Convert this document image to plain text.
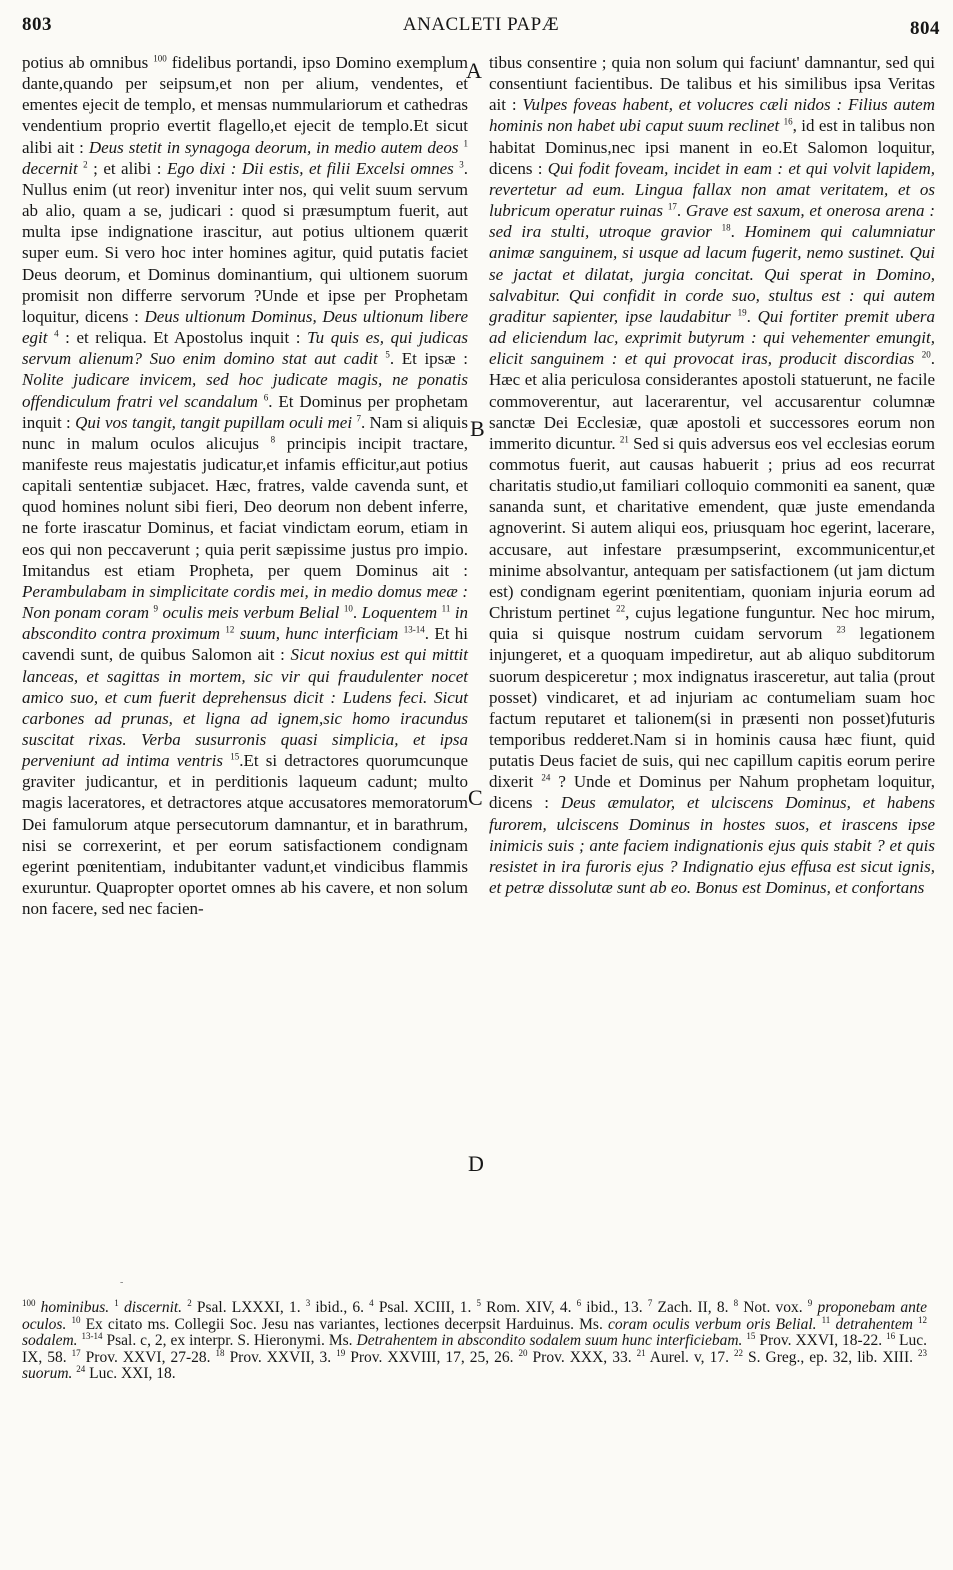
803	ANACLETI PAPÆ	804

potius ab omnibus $^{100}$ fidelibus portandi, ipso Domino exemplum dante,quando per seipsum,et non per alium, vendentes, et ementes ejecit de templo, et mensas nummulariorum et cathedras vendentium proprio evertit flagello,et ejecit de templo.Et sicut alibi ait : Deus stetit in synagoga deorum, in medio autem deos $^1$ decernit $^2$ ; et alibi : Ego dixi : Dii estis, et filii Excelsi omnes $^3$. Nullus enim (ut reor) invenitur inter nos, qui velit suum servum ab alio, quam a se, judicari : quod si præsumptum fuerit, aut multa ipse indignatione irascitur, aut potius ultionem quærit super eum. Si vero hoc inter homines agitur, quid putatis faciet Deus deorum, et Dominus dominantium, qui ultionem suorum promisit non differre servorum ?Unde et ipse per Prophetam loquitur, dicens : Deus ultionum Dominus, Deus ultionum libere egit $^4$ : et reliqua. Et Apostolus inquit : Tu quis es, qui judicas servum alienum? Suo enim domino stat aut cadit $^5$. Et ipsæ : Nolite judicare invicem, sed hoc judicate magis, ne ponatis offendiculum fratri vel scandalum $^6$. Et Dominus per prophetam inquit : Qui vos tangit, tangit pupillam oculi mei $^7$. Nam si aliquis nunc in malum oculos alicujus $^8$ principis incipit tractare, manifeste reus majestatis judicatur,et infamis efficitur,aut potius capitali sententiæ subjacet. Hæc, fratres, valde cavenda sunt, et quod homines nolunt sibi fieri, Deo deorum non debent inferre, ne forte irascatur Dominus, et faciat vindictam eorum, etiam in eos qui non peccaverunt ; quia perit sæpissime justus pro impio. Imitandus est etiam Propheta, per quem Dominus ait : Perambulabam in simplicitate cordis mei, in medio domus meæ : Non ponam coram $^9$ oculis meis verbum Belial $^{10}$. Loquentem $^{11}$ in abscondito contra proximum $^{12}$ suum, hunc interficiam $^{13-14}$. Et hi cavendi sunt, de quibus Salomon ait : Sicut noxius est qui mittit lanceas, et sagittas in mortem, sic vir qui fraudulenter nocet amico suo, et cum fuerit deprehensus dicit : Ludens feci. Sicut carbones ad prunas, et ligna ad ignem,sic homo iracundus suscitat rixas. Verba susurronis quasi simplicia, et ipsa perveniunt ad intima ventris $^{15}$.Et si detractores quorumcunque graviter judicantur, et in perditionis laqueum cadunt; multo magis laceratores, et detractores atque accusatores memoratorum Dei famulorum atque persecutorum damnantur, et in barathrum, nisi se correxerint, et per eorum satisfactionem condignam egerint pœnitentiam, indubitanter vadunt,et vindicibus flammis exuruntur. Quapropter oportet omnes ab his cavere, et non solum non facere, sed nec facien-

tibus consentire ; quia non solum qui faciunt' damnantur, sed qui consentiunt facientibus. De talibus et his similibus ipsa Veritas ait : Vulpes foveas habent, et volucres cæli nidos : Filius autem hominis non habet ubi caput suum reclinet $^{16}$, id est in talibus non habitat Dominus,nec ipsi manent in eo.Et Salomon loquitur, dicens : Qui fodit foveam, incidet in eam : et qui volvit lapidem, revertetur ad eum. Lingua fallax non amat veritatem, et os lubricum operatur ruinas $^{17}$. Grave est saxum, et onerosa arena : sed ira stulti, utroque gravior $^{18}$. Hominem qui calumniatur animæ sanguinem, si usque ad lacum fugerit, nemo sustinet. Qui se jactat et dilatat, jurgia concitat. Qui sperat in Domino, salvabitur. Qui confidit in corde suo, stultus est : qui autem graditur sapienter, ipse laudabitur $^{19}$. Qui fortiter premit ubera ad eliciendum lac, exprimit butyrum : qui vehementer emungit, elicit sanguinem : et qui provocat iras, producit discordias $^{20}$. Hæc et alia periculosa considerantes apostoli statuerunt, ne facile commoverentur, aut lacerarentur, vel accusarentur columnæ sanctæ Dei Ecclesiæ, quæ apostoli et successores eorum non immerito dicuntur. $^{21}$ Sed si quis adversus eos vel ecclesias eorum commotus fuerit, aut causas habuerit ; prius ad eos recurrat charitatis studio,ut familiari colloquio commoniti ea sanent, quæ sananda sunt, et charitative emendent, quæ juste emendanda agnoverint. Si autem aliqui eos, priusquam hoc egerint, lacerare, accusare, aut infestare præsumpserint, excommunicentur,et minime absolvantur, antequam per satisfactionem (ut jam dictum est) condignam egerint pœnitentiam, quoniam injuria eorum ad Christum pertinet $^{22}$, cujus legatione funguntur. Nec hoc mirum, quia si quisque nostrum cuidam servorum $^{23}$ legationem injungeret, et a quoquam impediretur, aut ab aliquo subditorum suorum despiceretur ; mox indignatus irasceretur, aut talia (prout posset) vindicaret, et ad injuriam ac contumeliam suam hoc factum reputaret et talionem(si in præsenti non posset)futuris temporibus redderet.Nam si in hominis causa hæc fiunt, quid putatis Deus faciet de suis, qui nec capillum capitis eorum perire dixerit $^{24}$ ? Unde et Dominus per Nahum prophetam loquitur, dicens : Deus æmulator, et ulciscens Dominus, et habens furorem, ulciscens Dominus in hostes suos, et irascens ipse inimicis suis ; ante faciem indignationis ejus quis stabit ? et quis resistet in ira furoris ejus ? Indignatio ejus effusa est sicut ignis, et petræ dissolutæ sunt ab eo. Bonus est Dominus, et confortans

A
B
C
D
-

$^{100}$ hominibus. $^1$ discernit. $^2$ Psal. LXXXI, 1. $^3$ ibid., 6. $^4$ Psal. XCIII, 1. $^5$ Rom. XIV, 4. $^6$ ibid., 13. $^7$ Zach. II, 8. $^8$ Not. vox. $^9$ proponebam ante oculos. $^{10}$ Ex citato ms. Collegii Soc. Jesu nas variantes, lectiones decerpsit Harduinus. Ms. coram oculis verbum oris Belial. $^{11}$ detrahentem $^{12}$ sodalem. $^{13-14}$ Psal. c, 2, ex interpr. S. Hieronymi. Ms. Detrahentem in abscondito sodalem suum hunc interficiebam. $^{15}$ Prov. XXVI, 18-22. $^{16}$ Luc. IX, 58. $^{17}$ Prov. XXVI, 27-28. $^{18}$ Prov. XXVII, 3. $^{19}$ Prov. XXVIII, 17, 25, 26. $^{20}$ Prov. XXX, 33. $^{21}$ Aurel. v, 17. $^{22}$ S. Greg., ep. 32, lib. XIII. $^{23}$ suorum. $^{24}$ Luc. XXI, 18.
